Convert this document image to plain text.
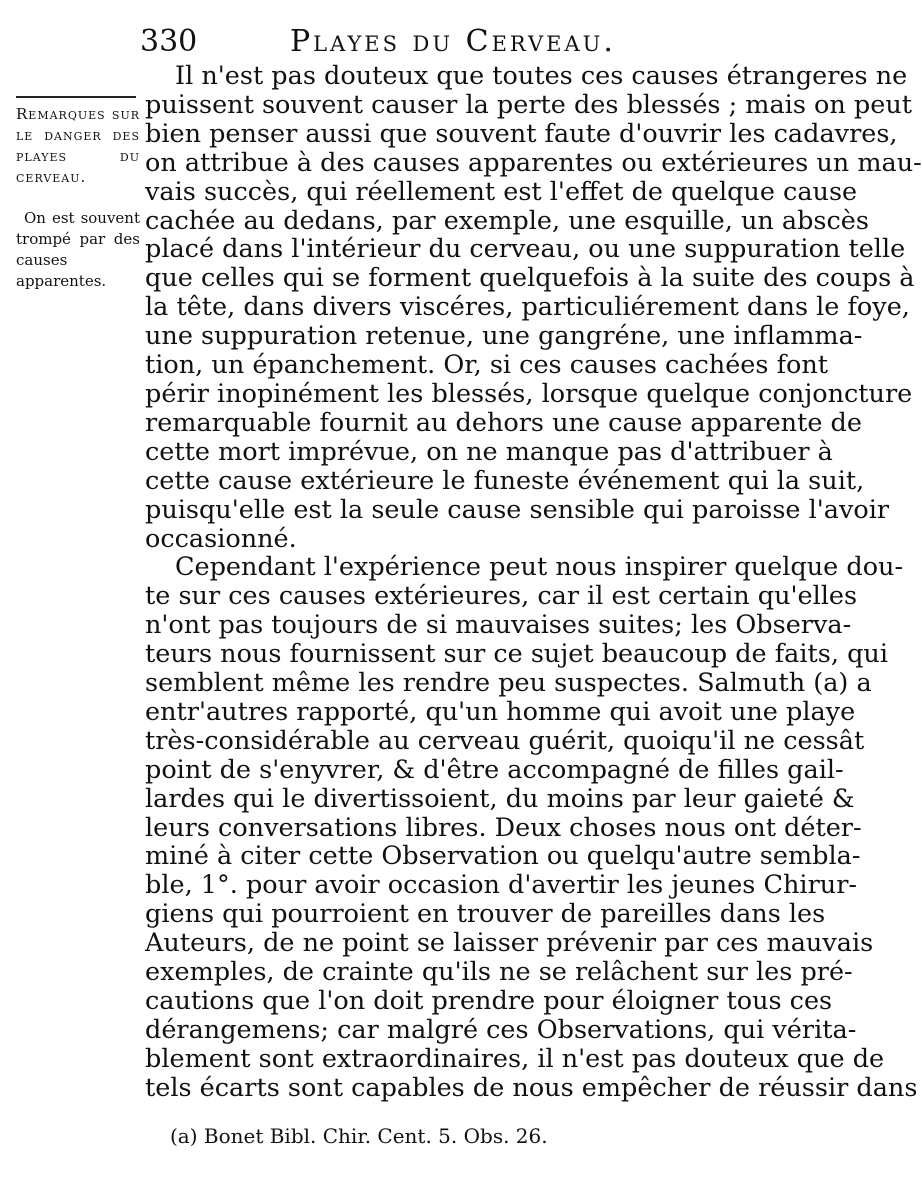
330	Playes du Cerveau.
Remarques sur le danger des playes du cerveau.
On est souvent trompé par des causes apparentes.
Il n'est pas douteux que toutes ces causes étrangeres ne
puissent souvent causer la perte des blessés ; mais on peut
bien penser aussi que souvent faute d'ouvrir les cadavres,
on attribue à des causes apparentes ou extérieures un mau-
vais succès, qui réellement est l'effet de quelque cause
cachée au dedans, par exemple, une esquille, un abscès
placé dans l'intérieur du cerveau, ou une suppuration telle
que celles qui se forment quelquefois à la suite des coups à
la tête, dans divers viscéres, particuliérement dans le foye,
une suppuration retenue, une gangréne, une inflamma-
tion, un épanchement. Or, si ces causes cachées font
périr inopinément les blessés, lorsque quelque conjoncture
remarquable fournit au dehors une cause apparente de
cette mort imprévue, on ne manque pas d'attribuer à
cette cause extérieure le funeste événement qui la suit,
puisqu'elle est la seule cause sensible qui paroisse l'avoir
occasionné.
Cependant l'expérience peut nous inspirer quelque dou-
te sur ces causes extérieures, car il est certain qu'elles
n'ont pas toujours de si mauvaises suites; les Observa-
teurs nous fournissent sur ce sujet beaucoup de faits, qui
semblent même les rendre peu suspectes. Salmuth (a) a
entr'autres rapporté, qu'un homme qui avoit une playe
très-considérable au cerveau guérit, quoiqu'il ne cessât
point de s'enyvrer, & d'être accompagné de filles gail-
lardes qui le divertissoient, du moins par leur gaieté &
leurs conversations libres. Deux choses nous ont déter-
miné à citer cette Observation ou quelqu'autre sembla-
ble, 1°. pour avoir occasion d'avertir les jeunes Chirur-
giens qui pourroient en trouver de pareilles dans les
Auteurs, de ne point se laisser prévenir par ces mauvais
exemples, de crainte qu'ils ne se relâchent sur les pré-
cautions que l'on doit prendre pour éloigner tous ces
dérangemens; car malgré ces Observations, qui vérita-
blement sont extraordinaires, il n'est pas douteux que de
tels écarts sont capables de nous empêcher de réussir dans
(a) Bonet Bibl. Chir. Cent. 5. Obs. 26.
